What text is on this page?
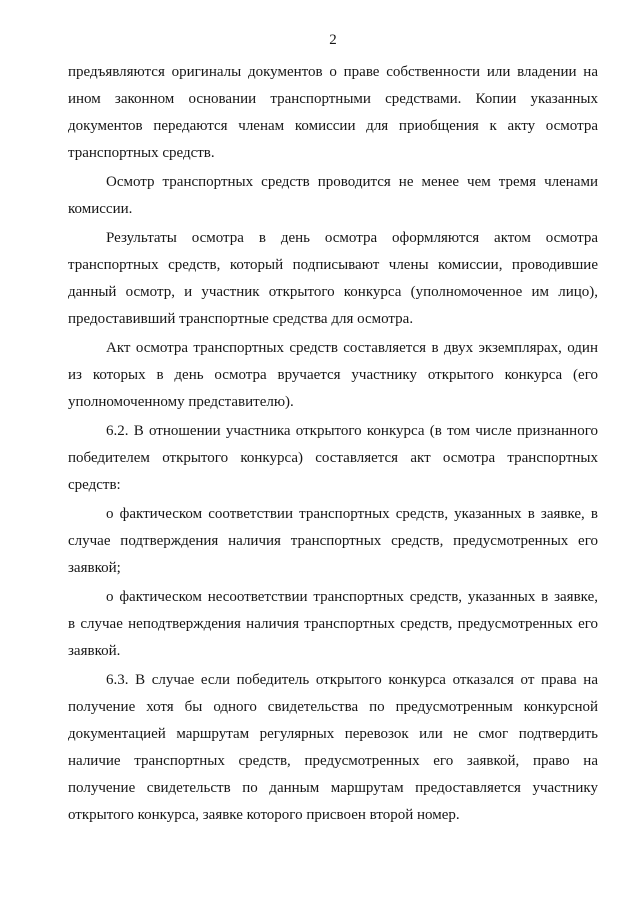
2
предъявляются оригиналы документов о праве собственности или владении на
ином законном основании транспортными средствами. Копии указанных
документов передаются членам комиссии для приобщения к акту осмотра
транспортных средств.
Осмотр транспортных средств проводится не менее чем тремя членами
комиссии.
Результаты осмотра в день осмотра оформляются актом осмотра
транспортных средств, который подписывают члены комиссии, проводившие
данный осмотр, и участник открытого конкурса (уполномоченное им лицо),
предоставивший транспортные средства для осмотра.
Акт осмотра транспортных средств составляется в двух экземплярах, один
из которых в день осмотра вручается участнику открытого конкурса (его
уполномоченному представителю).
6.2. В отношении участника открытого конкурса (в том числе признанного
победителем открытого конкурса) составляется акт осмотра транспортных
средств:
о фактическом соответствии транспортных средств, указанных в заявке, в
случае подтверждения наличия транспортных средств, предусмотренных его
заявкой;
о фактическом несоответствии транспортных средств, указанных в заявке,
в случае неподтверждения наличия транспортных средств, предусмотренных его
заявкой.
6.3. В случае если победитель открытого конкурса отказался от права на
получение хотя бы одного свидетельства по предусмотренным конкурсной
документацией маршрутам регулярных перевозок или не смог подтвердить
наличие транспортных средств, предусмотренных его заявкой, право на
получение свидетельств по данным маршрутам предоставляется участнику
открытого конкурса, заявке которого присвоен второй номер.
